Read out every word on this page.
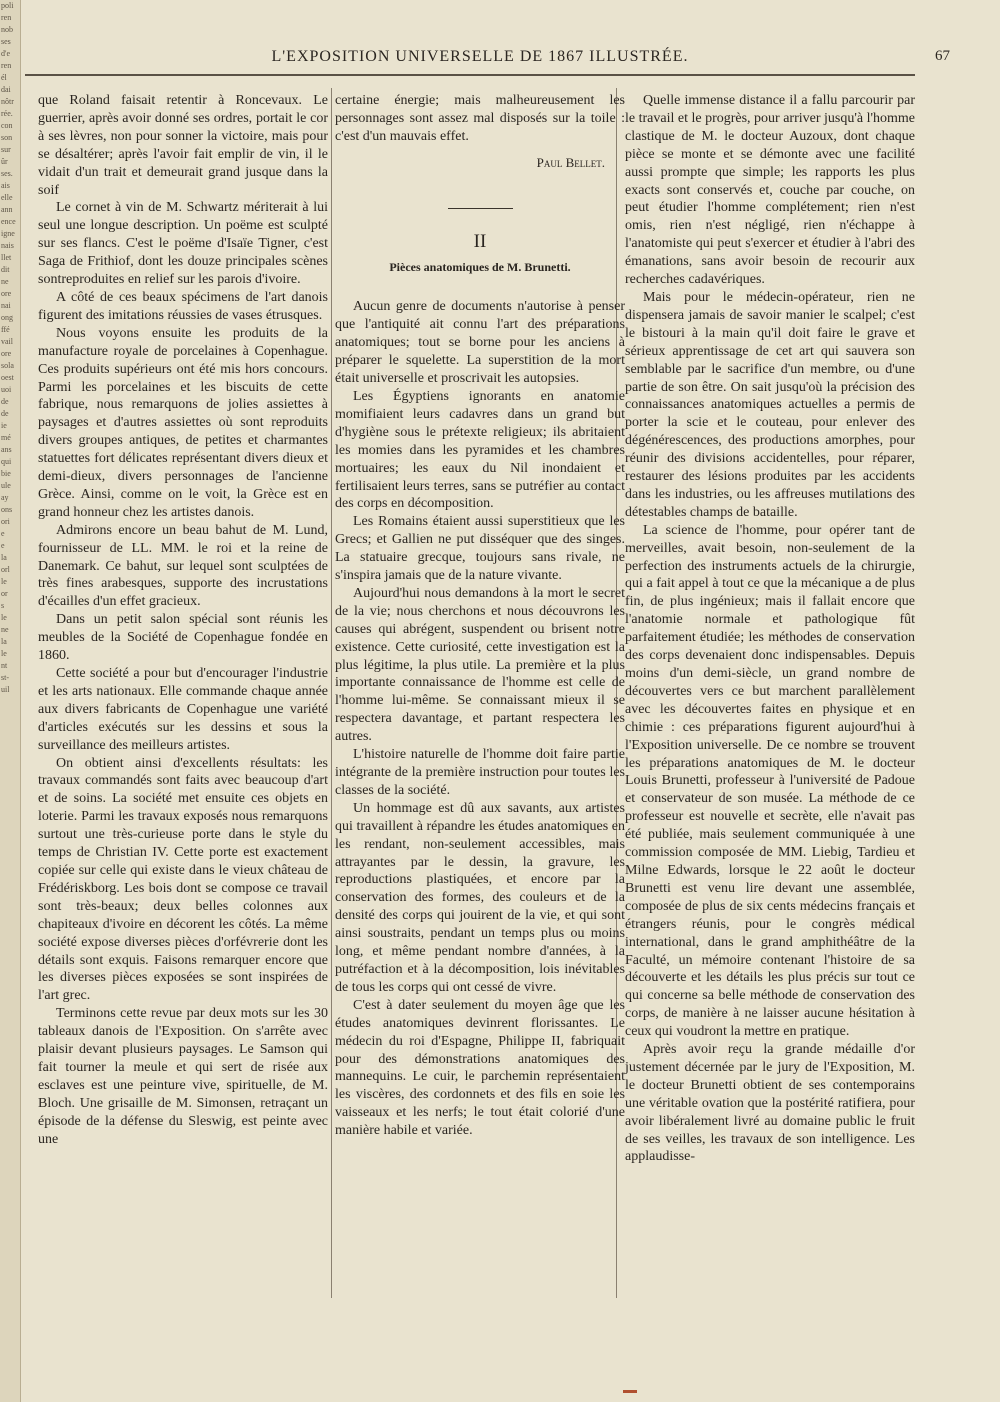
poli
ren
nob
ses
d'e
ren
él
dai
nôtr
rée.
con
son
sur
ûr
ses.
ais
elle
ann
ence
igne
nais
llet
dit
ne
ore
nai
ong
ffé
vail
ore
sola
oest
uoi
de
de
ie
mé
ans
qui
bie
ule
ay
ons
ori
e
e
la
orl
le
or
s
le
ne
la
le
nt
st-
uil
L'EXPOSITION UNIVERSELLE DE 1867 ILLUSTRÉE.	67

que Roland faisait retentir à Roncevaux. Le guerrier, après avoir donné ses ordres, portait le cor à ses lèvres, non pour sonner la victoire, mais pour se désaltérer; après l'avoir fait emplir de vin, il le vidait d'un trait et demeurait grand jusque dans la soif

Le cornet à vin de M. Schwartz mériterait à lui seul une longue description. Un poëme est sculpté sur ses flancs. C'est le poëme d'Isaïe Tigner, c'est Saga de Frithiof, dont les douze principales scènes sontreproduites en relief sur les parois d'ivoire.

A côté de ces beaux spécimens de l'art danois figurent des imitations réussies de vases étrusques.

Nous voyons ensuite les produits de la manufacture royale de porcelaines à Copenhague. Ces produits supérieurs ont été mis hors concours. Parmi les porcelaines et les biscuits de cette fabrique, nous remarquons de jolies assiettes à paysages et d'autres assiettes où sont reproduits divers groupes antiques, de petites et charmantes statuettes fort délicates représentant divers dieux et demi-dieux, divers personnages de l'ancienne Grèce. Ainsi, comme on le voit, la Grèce est en grand honneur chez les artistes danois.

Admirons encore un beau bahut de M. Lund, fournisseur de LL. MM. le roi et la reine de Danemark. Ce bahut, sur lequel sont sculptées de très fines arabesques, supporte des incrustations d'écailles d'un effet gracieux.

Dans un petit salon spécial sont réunis les meubles de la Société de Copenhague fondée en 1860.

Cette société a pour but d'encourager l'industrie et les arts nationaux. Elle commande chaque année aux divers fabricants de Copenhague une variété d'articles exécutés sur les dessins et sous la surveillance des meilleurs artistes.

On obtient ainsi d'excellents résultats: les travaux commandés sont faits avec beaucoup d'art et de soins. La société met ensuite ces objets en loterie. Parmi les travaux exposés nous remarquons surtout une très-curieuse porte dans le style du temps de Christian IV. Cette porte est exactement copiée sur celle qui existe dans le vieux château de Frédériskborg. Les bois dont se compose ce travail sont très-beaux; deux belles colonnes aux chapiteaux d'ivoire en décorent les côtés. La même société expose diverses pièces d'orfévrerie dont les détails sont exquis. Faisons remarquer encore que les diverses pièces exposées se sont inspirées de l'art grec.

Terminons cette revue par deux mots sur les 30 tableaux danois de l'Exposition. On s'arrête avec plaisir devant plusieurs paysages. Le Samson qui fait tourner la meule et qui sert de risée aux esclaves est une peinture vive, spirituelle, de M. Bloch. Une grisaille de M. Simonsen, retraçant un épisode de la défense du Sleswig, est peinte avec une

certaine énergie; mais malheureusement les personnages sont assez mal disposés sur la toile : c'est d'un mauvais effet.

Paul Bellet.
II
Pièces anatomiques de M. Brunetti.

Aucun genre de documents n'autorise à penser que l'antiquité ait connu l'art des préparations anatomiques; tout se borne pour les anciens à préparer le squelette. La superstition de la mort était universelle et proscrivait les autopsies.

Les Égyptiens ignorants en anatomie momifiaient leurs cadavres dans un grand but d'hygiène sous le prétexte religieux; ils abritaient les momies dans les pyramides et les chambres mortuaires; les eaux du Nil inondaient et fertilisaient leurs terres, sans se putréfier au contact des corps en décomposition.

Les Romains étaient aussi superstitieux que les Grecs; et Gallien ne put disséquer que des singes. La statuaire grecque, toujours sans rivale, ne s'inspira jamais que de la nature vivante.

Aujourd'hui nous demandons à la mort le secret de la vie; nous cherchons et nous découvrons les causes qui abrégent, suspendent ou brisent notre existence. Cette curiosité, cette investigation est la plus légitime, la plus utile. La première et la plus importante connaissance de l'homme est celle de l'homme lui-même. Se connaissant mieux il se respectera davantage, et partant respectera les autres.

L'histoire naturelle de l'homme doit faire partie intégrante de la première instruction pour toutes les classes de la société.

Un hommage est dû aux savants, aux artistes qui travaillent à répandre les études anatomiques en les rendant, non-seulement accessibles, mais attrayantes par le dessin, la gravure, les reproductions plastiquées, et encore par la conservation des formes, des couleurs et de la densité des corps qui jouirent de la vie, et qui sont ainsi soustraits, pendant un temps plus ou moins long, et même pendant nombre d'années, à la putréfaction et à la décomposition, lois inévitables de tous les corps qui ont cessé de vivre.

C'est à dater seulement du moyen âge que les études anatomiques devinrent florissantes. Le médecin du roi d'Espagne, Philippe II, fabriquait pour des démonstrations anatomiques des mannequins. Le cuir, le parchemin représentaient les viscères, des cordonnets et des fils en soie les vaisseaux et les nerfs; le tout était colorié d'une manière habile et variée.

Quelle immense distance il a fallu parcourir par le travail et le progrès, pour arriver jusqu'à l'homme clastique de M. le docteur Auzoux, dont chaque pièce se monte et se démonte avec une facilité aussi prompte que simple; les rapports les plus exacts sont conservés et, couche par couche, on peut étudier l'homme complétement; rien n'est omis, rien n'est négligé, rien n'échappe à l'anatomiste qui peut s'exercer et étudier à l'abri des émanations, sans avoir besoin de recourir aux recherches cadavériques.

Mais pour le médecin-opérateur, rien ne dispensera jamais de savoir manier le scalpel; c'est le bistouri à la main qu'il doit faire le grave et sérieux apprentissage de cet art qui sauvera son semblable par le sacrifice d'un membre, ou d'une partie de son être. On sait jusqu'où la précision des connaissances anatomiques actuelles a permis de porter la scie et le couteau, pour enlever des dégénérescences, des productions amorphes, pour réunir des divisions accidentelles, pour réparer, restaurer des lésions produites par les accidents dans les industries, ou les affreuses mutilations des détestables champs de bataille.

La science de l'homme, pour opérer tant de merveilles, avait besoin, non-seulement de la perfection des instruments actuels de la chirurgie, qui a fait appel à tout ce que la mécanique a de plus fin, de plus ingénieux; mais il fallait encore que l'anatomie normale et pathologique fût parfaitement étudiée; les méthodes de conservation des corps devenaient donc indispensables. Depuis moins d'un demi-siècle, un grand nombre de découvertes vers ce but marchent parallèlement avec les découvertes faites en physique et en chimie : ces préparations figurent aujourd'hui à l'Exposition universelle. De ce nombre se trouvent les préparations anatomiques de M. le docteur Louis Brunetti, professeur à l'université de Padoue et conservateur de son musée. La méthode de ce professeur est nouvelle et secrète, elle n'avait pas été publiée, mais seulement communiquée à une commission composée de MM. Liebig, Tardieu et Milne Edwards, lorsque le 22 août le docteur Brunetti est venu lire devant une assemblée, composée de plus de six cents médecins français et étrangers réunis, pour le congrès médical international, dans le grand amphithéâtre de la Faculté, un mémoire contenant l'histoire de sa découverte et les détails les plus précis sur tout ce qui concerne sa belle méthode de conservation des corps, de manière à ne laisser aucune hésitation à ceux qui voudront la mettre en pratique.

Après avoir reçu la grande médaille d'or justement décernée par le jury de l'Exposition, M. le docteur Brunetti obtient de ses contemporains une véritable ovation que la postérité ratifiera, pour avoir libéralement livré au domaine public le fruit de ses veilles, les travaux de son intelligence. Les applaudisse-
